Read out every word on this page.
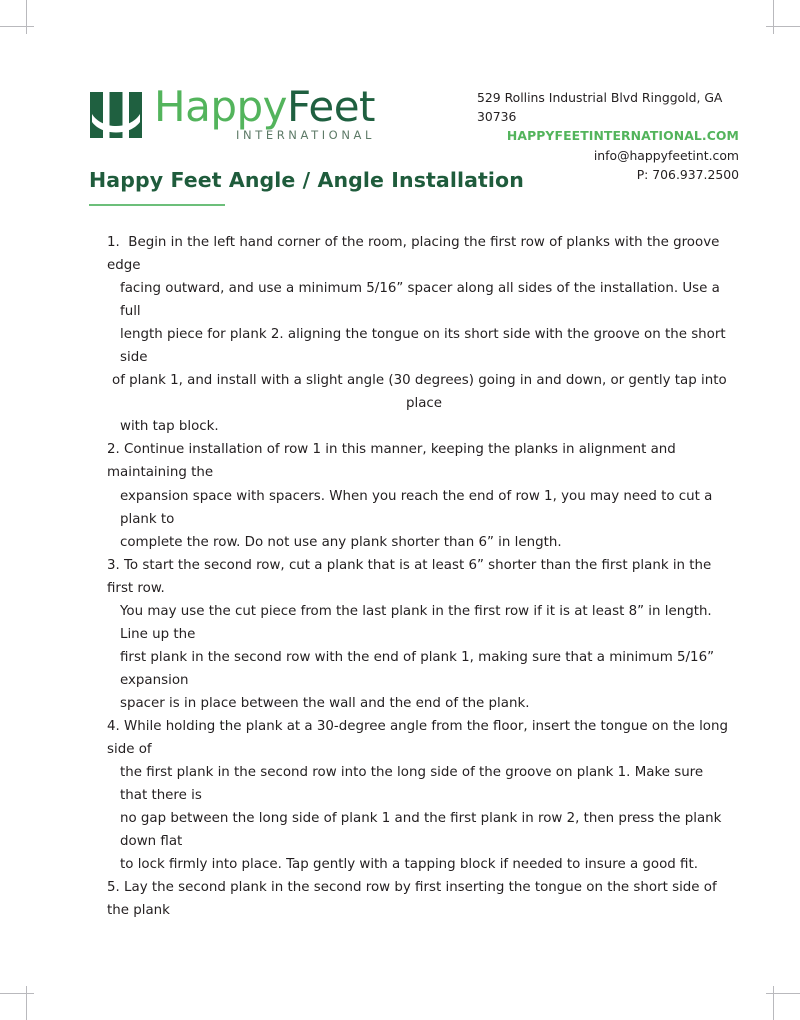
HappyFeet
INTERNATIONAL
529 Rollins Industrial Blvd Ringgold, GA 30736
HAPPYFEETINTERNATIONAL.COM
info@happyfeetint.com
P: 706.937.2500
Happy Feet Angle / Angle Installation
1.  Begin in the left hand corner of the room, placing the first row of planks with the groove
edge
facing outward, and use a minimum 5/16” spacer along all sides of the installation. Use a
full
length piece for plank 2. aligning the tongue on its short side with the groove on the short
side
of plank 1, and install with a slight angle (30 degrees) going in and down, or gently tap into
place
with tap block.
2. Continue installation of row 1 in this manner, keeping the planks in alignment and
maintaining the
expansion space with spacers. When you reach the end of row 1, you may need to cut a
plank to
complete the row. Do not use any plank shorter than 6” in length.
3. To start the second row, cut a plank that is at least 6” shorter than the first plank in the
first row.
You may use the cut piece from the last plank in the first row if it is at least 8” in length.
Line up the
first plank in the second row with the end of plank 1, making sure that a minimum 5/16”
expansion
spacer is in place between the wall and the end of the plank.
4. While holding the plank at a 30-degree angle from the floor, insert the tongue on the long
side of
the first plank in the second row into the long side of the groove on plank 1. Make sure
that there is
no gap between the long side of plank 1 and the first plank in row 2, then press the plank
down flat
to lock firmly into place. Tap gently with a tapping block if needed to insure a good fit.
5. Lay the second plank in the second row by first inserting the tongue on the short side of
the plank
